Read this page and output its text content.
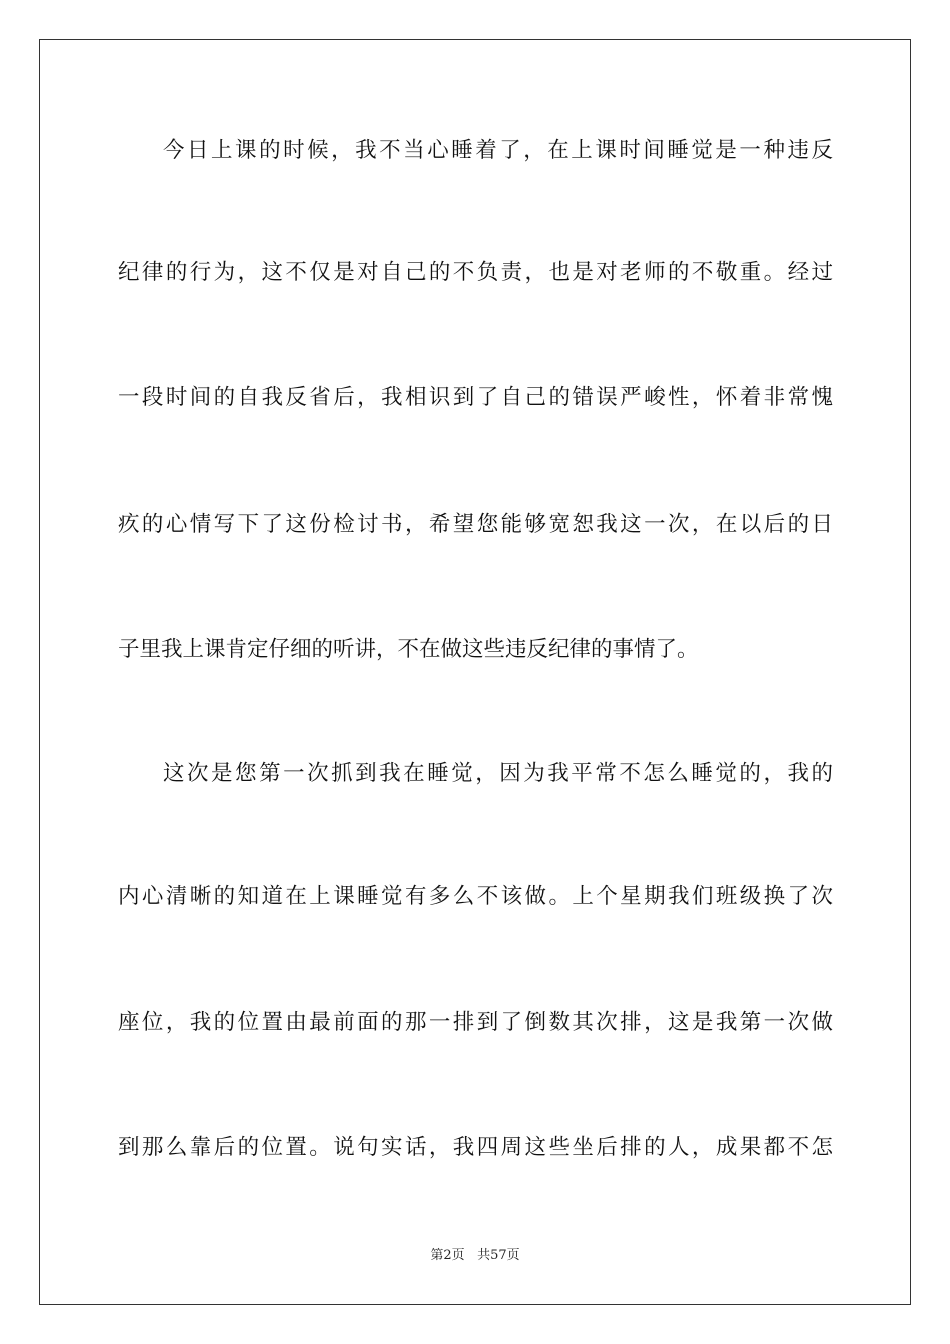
今日上课的时候，我不当心睡着了，在上课时间睡觉是一种违反
纪律的行为，这不仅是对自己的不负责，也是对老师的不敬重。经过
一段时间的自我反省后，我相识到了自己的错误严峻性，怀着非常愧
疚的心情写下了这份检讨书，希望您能够宽恕我这一次，在以后的日
子里我上课肯定仔细的听讲，不在做这些违反纪律的事情了。
这次是您第一次抓到我在睡觉，因为我平常不怎么睡觉的，我的
内心清晰的知道在上课睡觉有多么不该做。上个星期我们班级换了次
座位，我的位置由最前面的那一排到了倒数其次排，这是我第一次做
到那么靠后的位置。说句实话，我四周这些坐后排的人，成果都不怎
第2页 共57页
